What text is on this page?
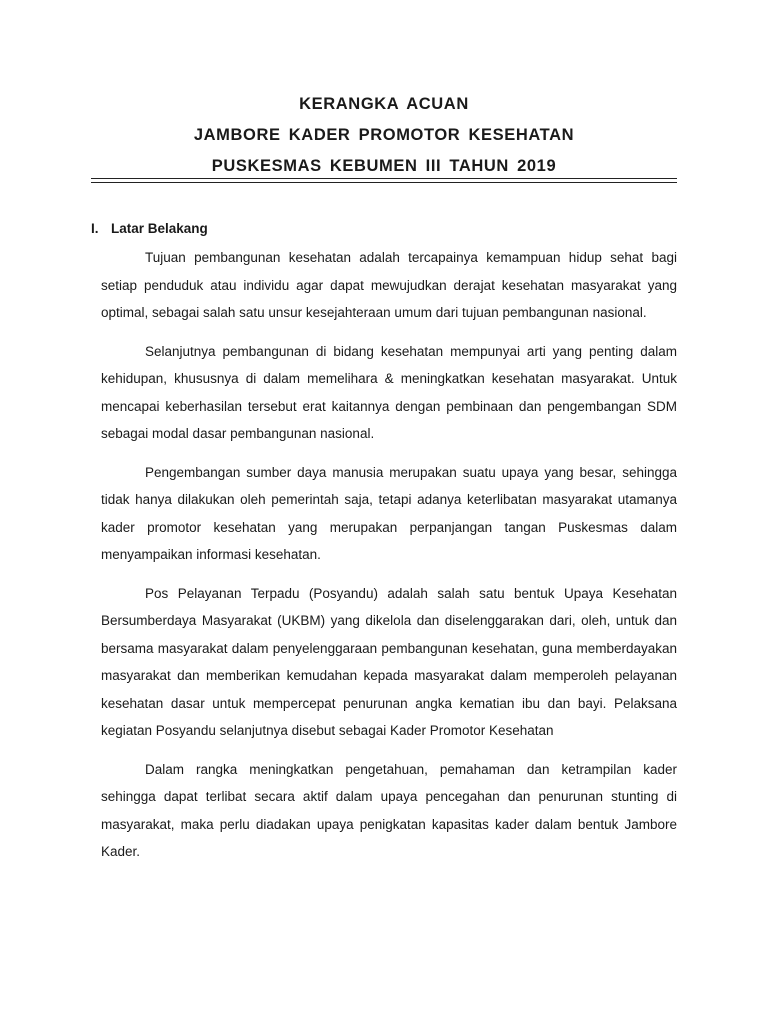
KERANGKA ACUAN
JAMBORE KADER PROMOTOR KESEHATAN
PUSKESMAS KEBUMEN III TAHUN 2019
I. Latar Belakang

Tujuan pembangunan kesehatan adalah tercapainya kemampuan hidup sehat bagi setiap penduduk atau individu agar dapat mewujudkan derajat kesehatan masyarakat yang optimal, sebagai salah satu unsur kesejahteraan umum dari tujuan pembangunan nasional.

Selanjutnya pembangunan di bidang kesehatan mempunyai arti yang penting dalam kehidupan, khususnya di dalam memelihara & meningkatkan kesehatan masyarakat. Untuk mencapai keberhasilan tersebut erat kaitannya dengan pembinaan dan pengembangan SDM sebagai modal dasar pembangunan nasional.

Pengembangan sumber daya manusia merupakan suatu upaya yang besar, sehingga tidak hanya dilakukan oleh pemerintah saja, tetapi adanya keterlibatan masyarakat utamanya kader promotor kesehatan yang merupakan perpanjangan tangan Puskesmas dalam menyampaikan informasi kesehatan.

Pos Pelayanan Terpadu (Posyandu) adalah salah satu bentuk Upaya Kesehatan Bersumberdaya Masyarakat (UKBM) yang dikelola dan diselenggarakan dari, oleh, untuk dan bersama masyarakat dalam penyelenggaraan pembangunan kesehatan, guna memberdayakan masyarakat dan memberikan kemudahan kepada masyarakat dalam memperoleh pelayanan kesehatan dasar untuk mempercepat penurunan angka kematian ibu dan bayi. Pelaksana kegiatan Posyandu selanjutnya disebut sebagai Kader Promotor Kesehatan

Dalam rangka meningkatkan pengetahuan, pemahaman dan ketrampilan kader sehingga dapat terlibat secara aktif dalam upaya pencegahan dan penurunan stunting di masyarakat, maka perlu diadakan upaya penigkatan kapasitas kader dalam bentuk Jambore Kader.
